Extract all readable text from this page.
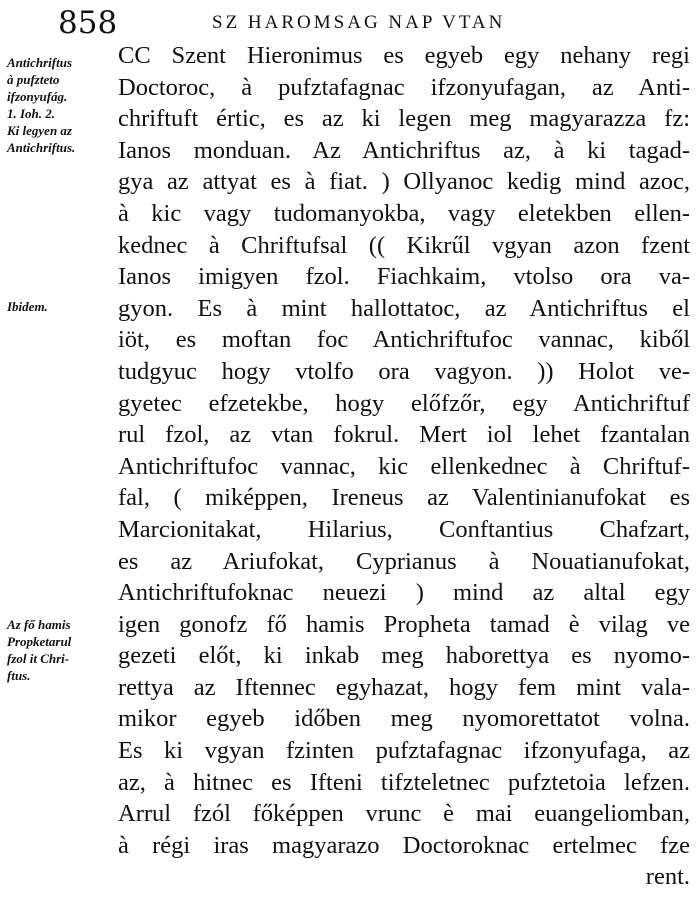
858	SZ HAROMSAG NAP VTAN
Antichriftus
à pufzteto
ifzonyufág.
1. Ioh. 2.
Ki legyen az
Antichriftus.
Ibidem.
Az fő hamis
Propketarul
fzol it Chri-
ftus.
CC Szent Hieronimus es egyeb egy nehany regi
Doctoroc, à pufztafagnac ifzonyufagan, az Anti-
chriftuft értic, es az ki legen meg magyarazza fz:
Ianos monduan. Az Antichriftus az, à ki tagad-
gya az attyat es à fiat. ) Ollyanoc kedig mind azoc,
à kic vagy tudomanyokba, vagy eletekben ellen-
kednec à Chriftufsal (( Kikrűl vgyan azon fzent
Ianos imigyen fzol. Fiachkaim, vtolso ora va-
gyon. Es à mint hallottatoc, az Antichriftus el
iöt, es moftan foc Antichriftufoc vannac, kiből
tudgyuc hogy vtolfo ora vagyon. )) Holot ve-
gyetec efzetekbe, hogy előfzőr, egy Antichriftuf
rul fzol, az vtan fokrul. Mert iol lehet fzantalan
Antichriftufoc vannac, kic ellenkednec à Chriftuf-
fal, ( miképpen, Ireneus az Valentinianufokat es
Marcionitakat, Hilarius, Conftantius Chafzart,
es az Ariufokat, Cyprianus à Nouatianufokat,
Antichriftufoknac neuezi ) mind az altal egy
igen gonofz fő hamis Propheta tamad è vilag ve
gezeti előt, ki inkab meg haborettya es nyomo-
rettya az Iftennec egyhazat, hogy fem mint vala-
mikor egyeb időben meg nyomorettatot volna.
Es ki vgyan fzinten pufztafagnac ifzonyufaga, az
az, à hitnec es Ifteni tifzteletnec pufztetoia lefzen.
Arrul fzól főképpen vrunc è mai euangeliomban,
à régi iras magyarazo Doctoroknac ertelmec fze
rent.
